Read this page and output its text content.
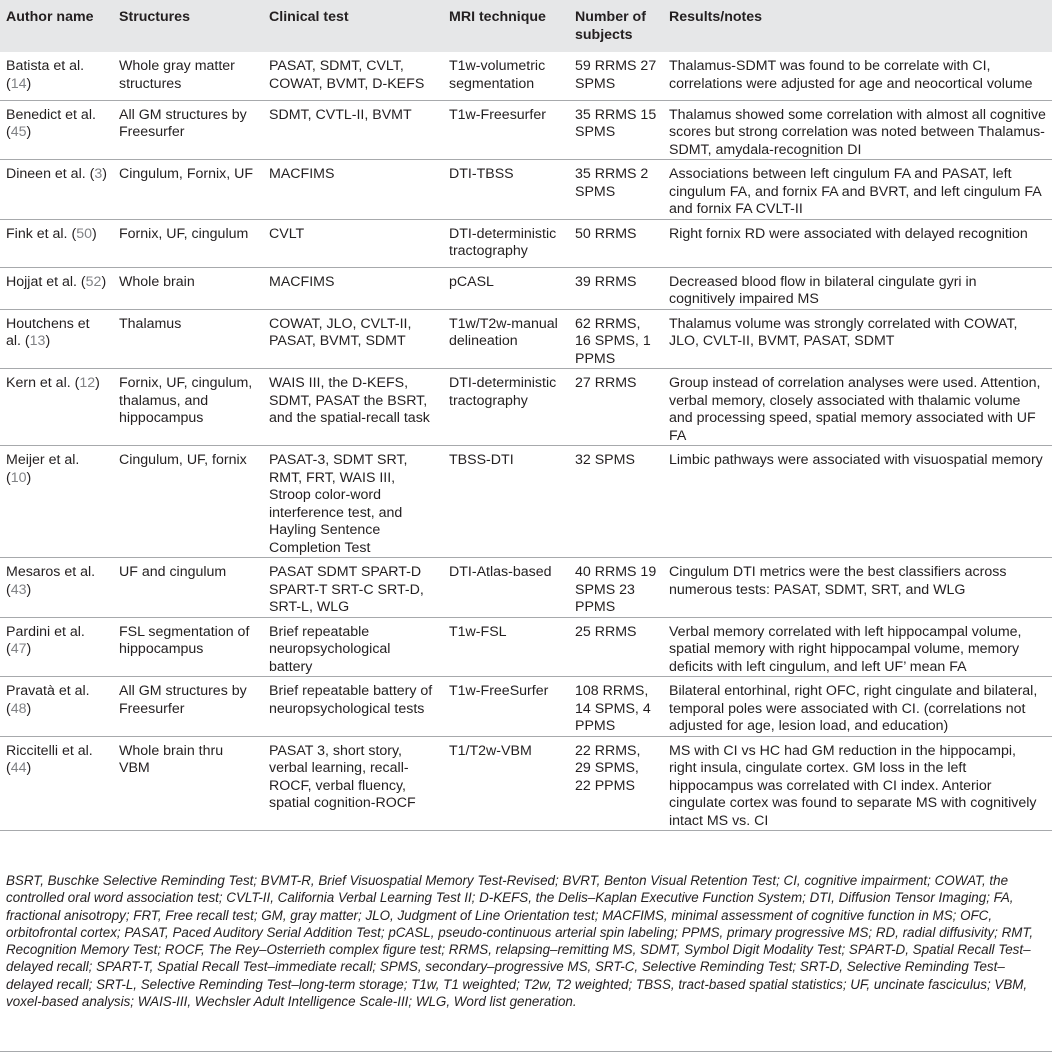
Author name	Structures	Clinical test	MRI technique	Number of subjects	Results/notes
Batista et al. (14)	Whole gray matter structures	PASAT, SDMT, CVLT, COWAT, BVMT, D-KEFS	T1w-volumetric segmentation	59 RRMS 27 SPMS	Thalamus-SDMT was found to be correlate with CI, correlations were adjusted for age and neocortical volume
Benedict et al. (45)	All GM structures by Freesurfer	SDMT, CVTL-II, BVMT	T1w-Freesurfer	35 RRMS 15 SPMS	Thalamus showed some correlation with almost all cognitive scores but strong correlation was noted between Thalamus-SDMT, amydala-recognition DI
Dineen et al. (3)	Cingulum, Fornix, UF	MACFIMS	DTI-TBSS	35 RRMS 2 SPMS	Associations between left cingulum FA and PASAT, left cingulum FA, and fornix FA and BVRT, and left cingulum FA and fornix FA CVLT-II
Fink et al. (50)	Fornix, UF, cingulum	CVLT	DTI-deterministic tractography	50 RRMS	Right fornix RD were associated with delayed recognition
Hojjat et al. (52)	Whole brain	MACFIMS	pCASL	39 RRMS	Decreased blood flow in bilateral cingulate gyri in cognitively impaired MS
Houtchens et al. (13)	Thalamus	COWAT, JLO, CVLT-II, PASAT, BVMT, SDMT	T1w/T2w-manual delineation	62 RRMS, 16 SPMS, 1 PPMS	Thalamus volume was strongly correlated with COWAT, JLO, CVLT-II, BVMT, PASAT, SDMT
Kern et al. (12)	Fornix, UF, cingulum, thalamus, and hippocampus	WAIS III, the D-KEFS, SDMT, PASAT the BSRT, and the spatial-recall task	DTI-deterministic tractography	27 RRMS	Group instead of correlation analyses were used. Attention, verbal memory, closely associated with thalamic volume and processing speed, spatial memory associated with UF FA
Meijer et al. (10)	Cingulum, UF, fornix	PASAT-3, SDMT SRT, RMT, FRT, WAIS III, Stroop color-word interference test, and Hayling Sentence Completion Test	TBSS-DTI	32 SPMS	Limbic pathways were associated with visuospatial memory
Mesaros et al. (43)	UF and cingulum	PASAT SDMT SPART-D SPART-T SRT-C SRT-D, SRT-L, WLG	DTI-Atlas-based	40 RRMS 19 SPMS 23 PPMS	Cingulum DTI metrics were the best classifiers across numerous tests: PASAT, SDMT, SRT, and WLG
Pardini et al. (47)	FSL segmentation of hippocampus	Brief repeatable neuropsychological battery	T1w-FSL	25 RRMS	Verbal memory correlated with left hippocampal volume, spatial memory with right hippocampal volume, memory deficits with left cingulum, and left UF’ mean FA
Pravatà et al. (48)	All GM structures by Freesurfer	Brief repeatable battery of neuropsychological tests	T1w-FreeSurfer	108 RRMS, 14 SPMS, 4 PPMS	Bilateral entorhinal, right OFC, right cingulate and bilateral, temporal poles were associated with CI. (correlations not adjusted for age, lesion load, and education)
Riccitelli et al. (44)	Whole brain thru VBM	PASAT 3, short story, verbal learning, recall-ROCF, verbal fluency, spatial cognition-ROCF	T1/T2w-VBM	22 RRMS, 29 SPMS, 22 PPMS	MS with CI vs HC had GM reduction in the hippocampi, right insula, cingulate cortex. GM loss in the left hippocampus was correlated with CI index. Anterior cingulate cortex was found to separate MS with cognitively intact MS vs. CI
BSRT, Buschke Selective Reminding Test; BVMT-R, Brief Visuospatial Memory Test-Revised; BVRT, Benton Visual Retention Test; CI, cognitive impairment; COWAT, the controlled oral word association test; CVLT-II, California Verbal Learning Test II; D-KEFS, the Delis–Kaplan Executive Function System; DTI, Diffusion Tensor Imaging; FA, fractional anisotropy; FRT, Free recall test; GM, gray matter; JLO, Judgment of Line Orientation test; MACFIMS, minimal assessment of cognitive function in MS; OFC, orbitofrontal cortex; PASAT, Paced Auditory Serial Addition Test; pCASL, pseudo-continuous arterial spin labeling; PPMS, primary progressive MS; RD, radial diffusivity; RMT, Recognition Memory Test; ROCF, The Rey–Osterrieth complex figure test; RRMS, relapsing–remitting MS, SDMT, Symbol Digit Modality Test; SPART-D, Spatial Recall Test–delayed recall; SPART-T, Spatial Recall Test–immediate recall; SPMS, secondary–progressive MS, SRT-C, Selective Reminding Test; SRT-D, Selective Reminding Test–delayed recall; SRT-L, Selective Reminding Test–long-term storage; T1w, T1 weighted; T2w, T2 weighted; TBSS, tract-based spatial statistics; UF, uncinate fasciculus; VBM, voxel-based analysis; WAIS-III, Wechsler Adult Intelligence Scale-III; WLG, Word list generation.
